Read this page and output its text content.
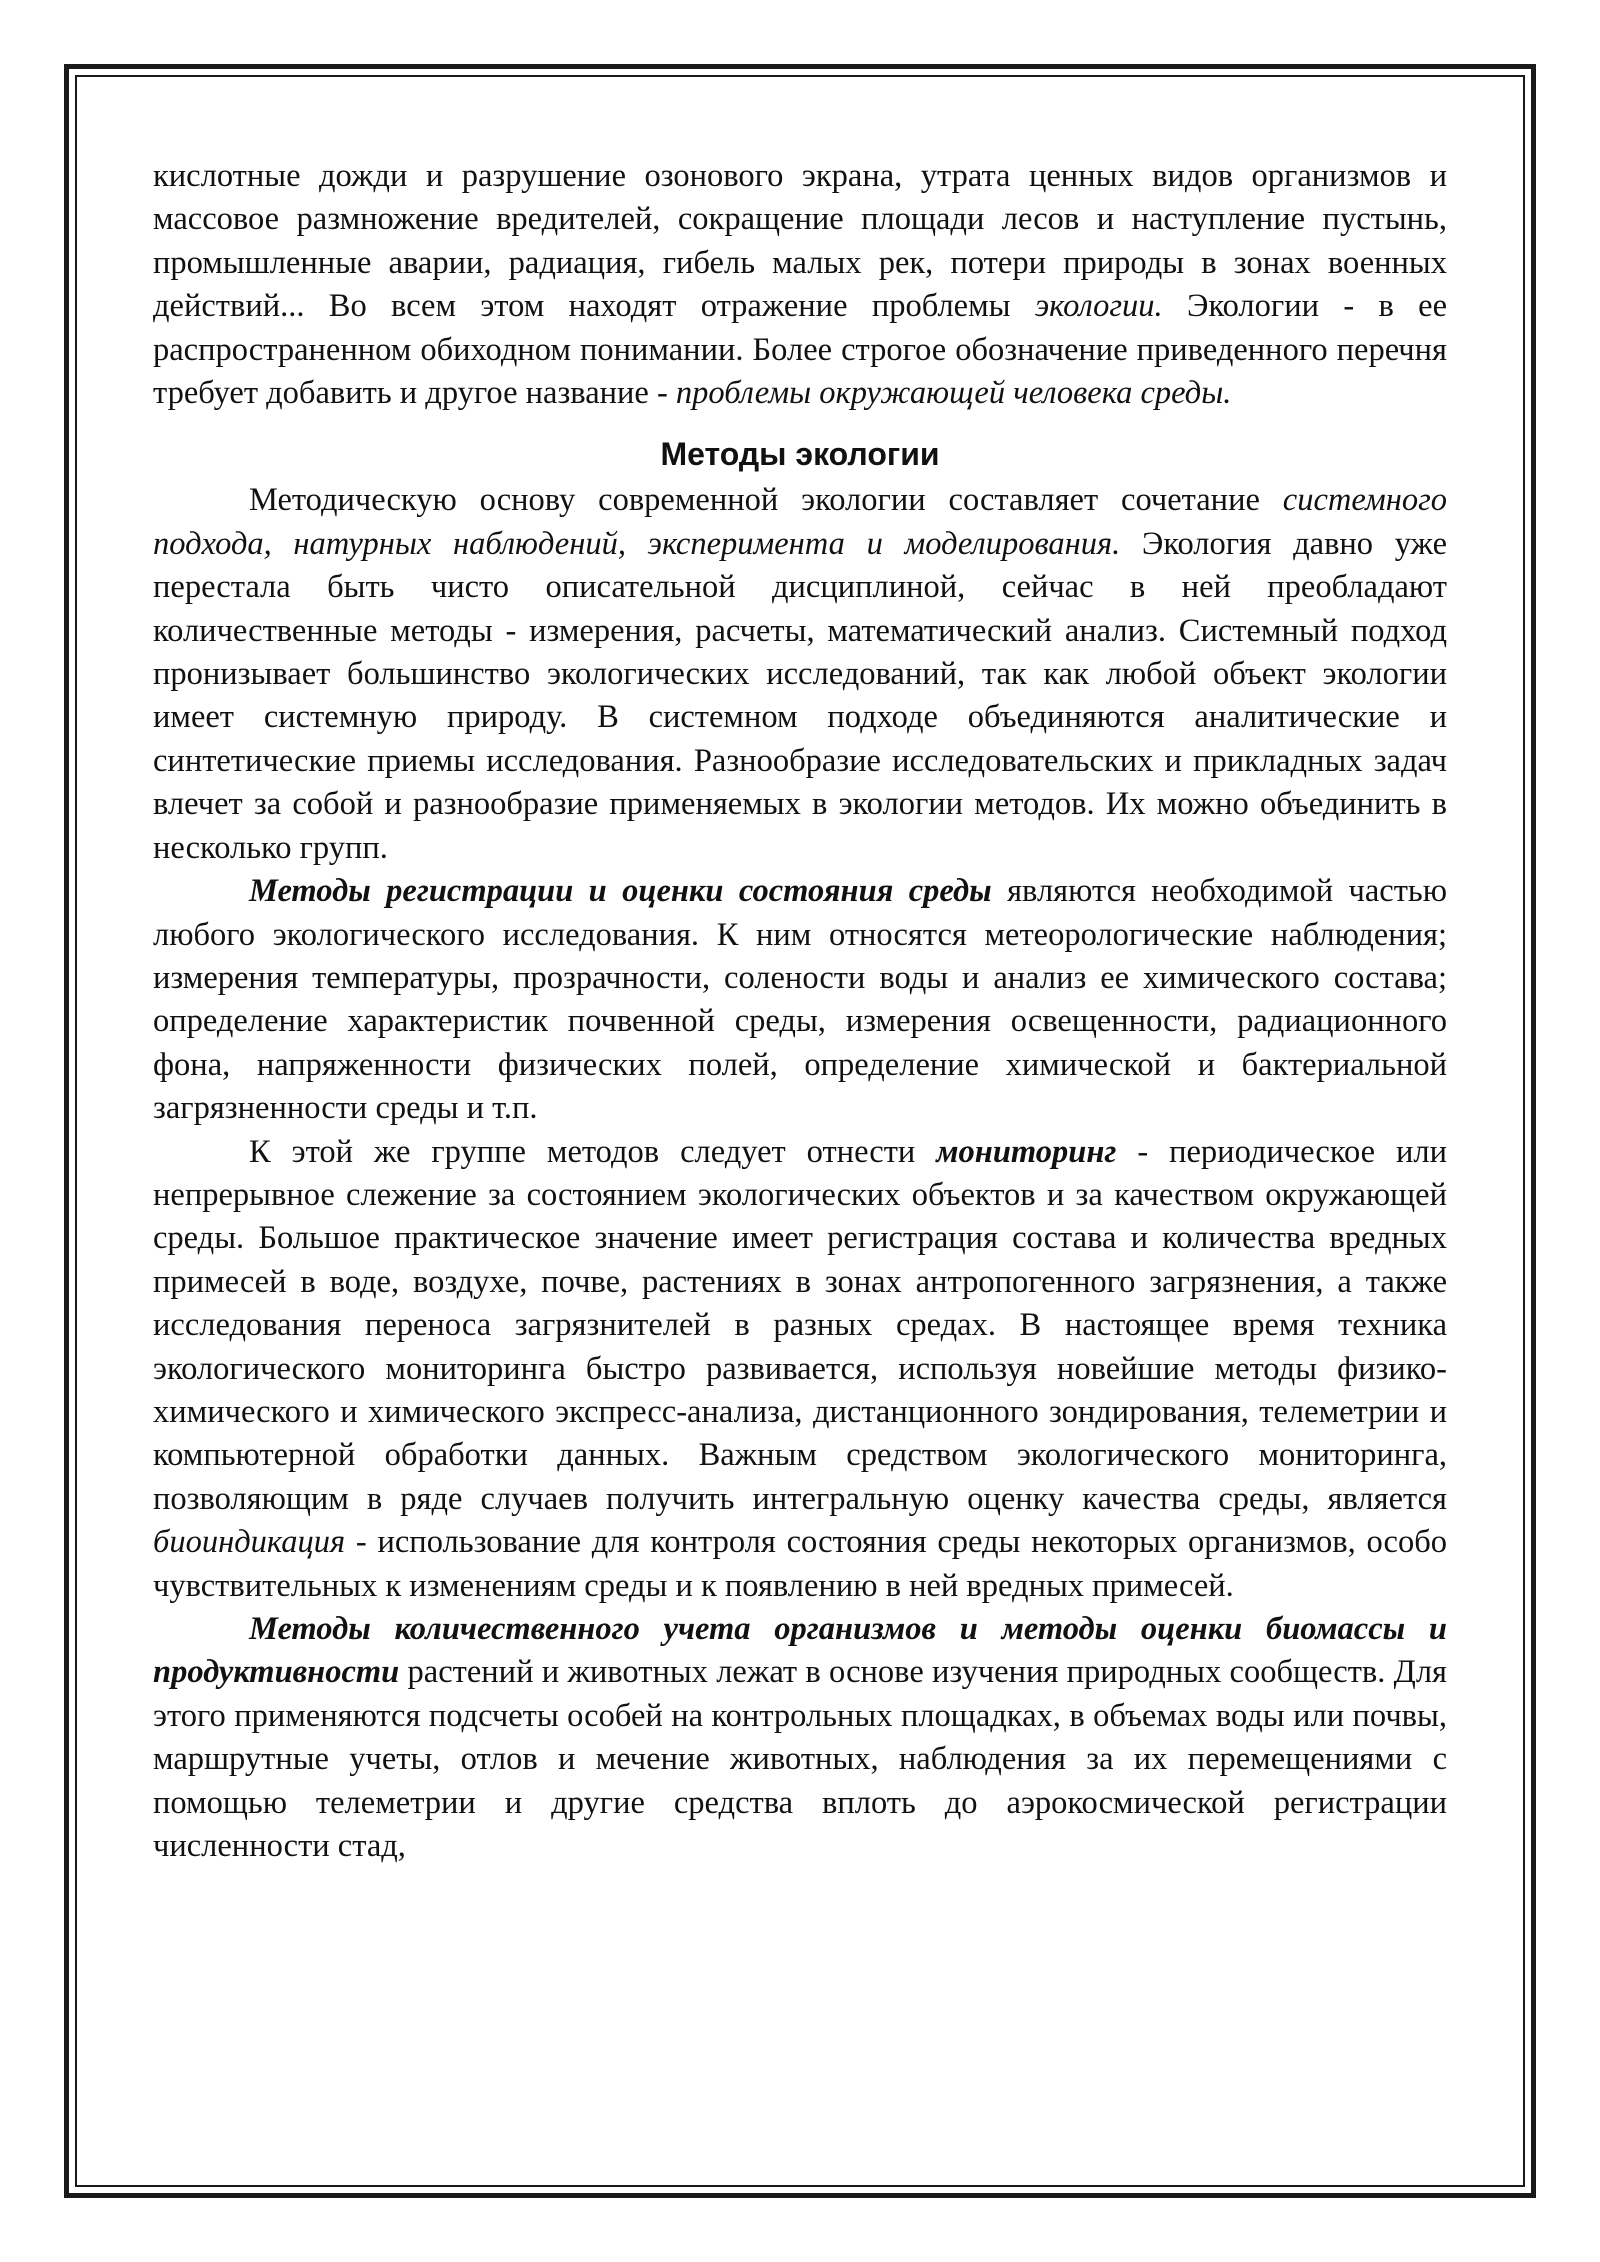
кислотные дожди и разрушение озонового экрана, утрата ценных видов организмов и массовое размножение вредителей, сокращение площади лесов и наступление пустынь, промышленные аварии, радиация, гибель малых рек, потери природы в зонах военных действий... Во всем этом находят отражение проблемы экологии. Экологии - в ее распространенном обиходном понимании. Более строгое обозначение приведенного перечня требует добавить и другое название - проблемы окружающей человека среды.

Методы экологии

Методическую основу современной экологии составляет сочетание системного подхода, натурных наблюдений, эксперимента и моделирования. Экология давно уже перестала быть чисто описательной дисциплиной, сейчас в ней преобладают количественные методы - измерения, расчеты, математический анализ. Системный подход пронизывает большинство экологических исследований, так как любой объект экологии имеет системную природу. В системном подходе объединяются аналитические и синтетические приемы исследования. Разнообразие исследовательских и прикладных задач влечет за собой и разнообразие применяемых в экологии методов. Их можно объединить в несколько групп.

Методы регистрации и оценки состояния среды являются необходимой частью любого экологического исследования. К ним относятся метеорологические наблюдения; измерения температуры, прозрачности, солености воды и анализ ее химического состава; определение характеристик почвенной среды, измерения освещенности, радиационного фона, напряженности физических полей, определение химической и бактериальной загрязненности среды и т.п.

К этой же группе методов следует отнести мониторинг - периодическое или непрерывное слежение за состоянием экологических объектов и за качеством окружающей среды. Большое практическое значение имеет регистрация состава и количества вредных примесей в воде, воздухе, почве, растениях в зонах антропогенного загрязнения, а также исследования переноса загрязнителей в разных средах. В настоящее время техника экологического мониторинга быстро развивается, используя новейшие методы физико-химического и химического экспресс-анализа, дистанционного зондирования, телеметрии и компьютерной обработки данных. Важным средством экологического мониторинга, позволяющим в ряде случаев получить интегральную оценку качества среды, является биоиндикация - использование для контроля состояния среды некоторых организмов, особо чувствительных к изменениям среды и к появлению в ней вредных примесей.

Методы количественного учета организмов и методы оценки биомассы и продуктивности растений и животных лежат в основе изучения природных сообществ. Для этого применяются подсчеты особей на контрольных площадках, в объемах воды или почвы, маршрутные учеты, отлов и мечение животных, наблюдения за их перемещениями с помощью телеметрии и другие средства вплоть до аэрокосмической регистрации численности стад,
